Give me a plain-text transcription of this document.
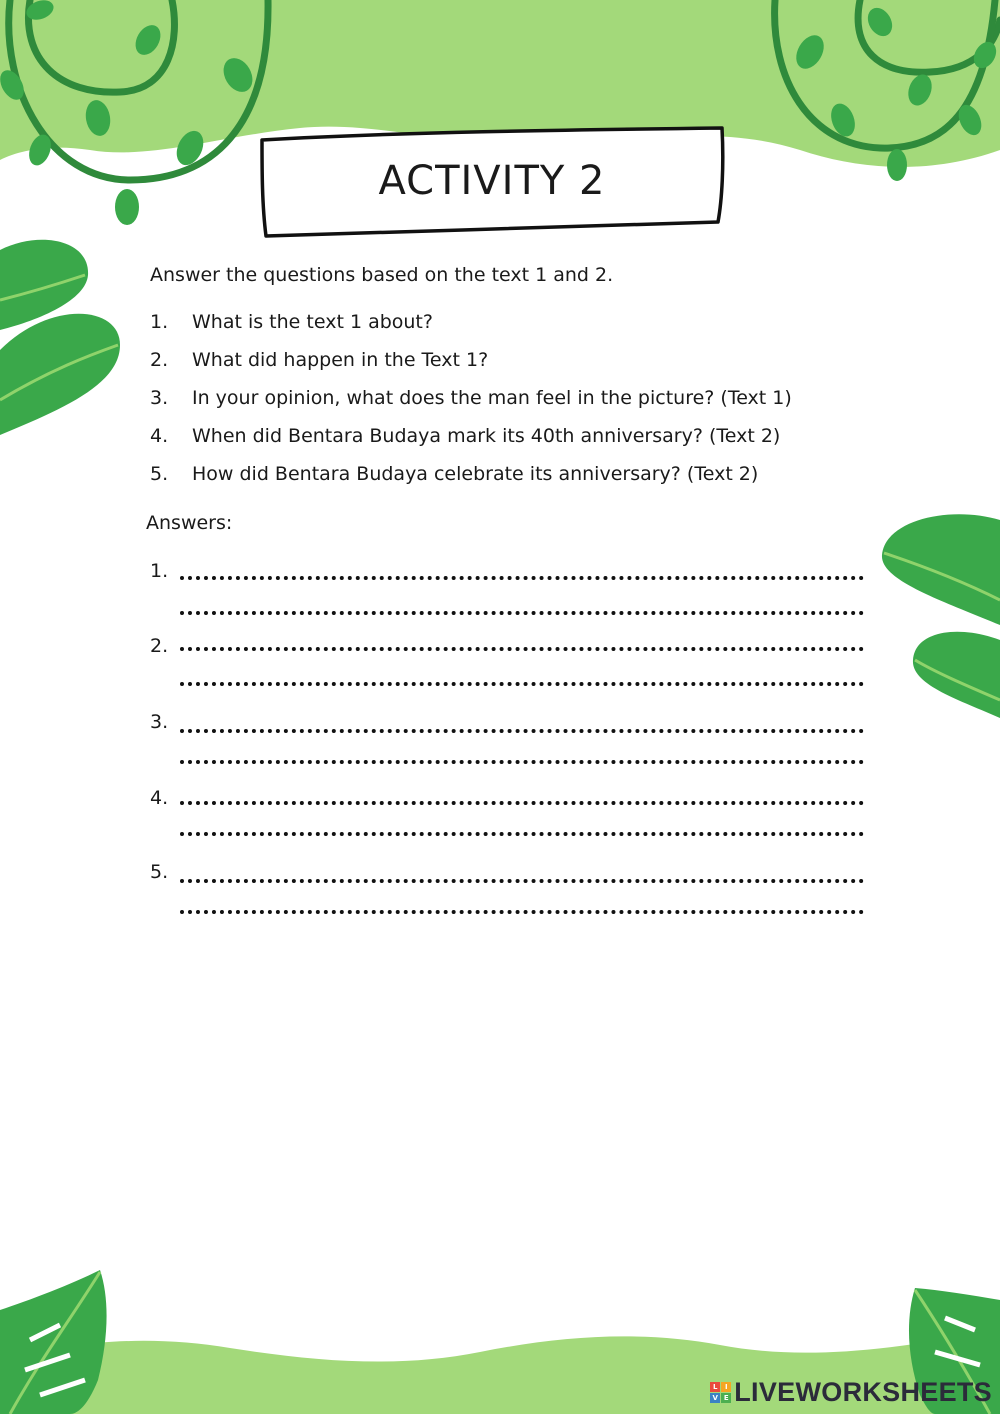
ACTIVITY 2
Answer the questions based on the text 1 and 2.
1.	What is the text 1 about?
2.	What did happen in the Text 1?
3.	In your opinion, what does the man feel in the picture? (Text 1)
4.	When did Bentara Budaya mark its 40th anniversary? (Text 2)
5.	How did Bentara Budaya celebrate its anniversary? (Text 2)
Answers:
1.
2.
3.
4.
5.
L	I
V E LIVEWORKSHEETS
